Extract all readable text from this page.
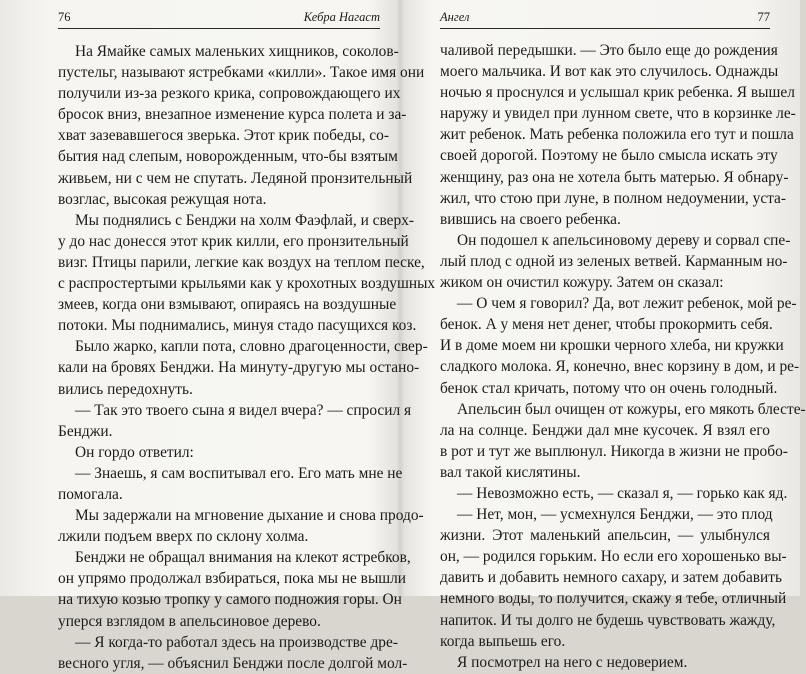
76	Кебра Нагаст
На Ямайке самых маленьких хищников, соколов-
пустельг, называют ястребками «килли». Такое имя они
получили из-за резкого крика, сопровождающего их
бросок вниз, внезапное изменение курса полета и за-
хват зазевавшегося зверька. Этот крик победы, со-
бытия над слепым, новорожденным, что-бы взятым
живьем, ни с чем не спутать. Ледяной пронзительный
возглас, высокая режущая нота.
Мы поднялись с Бенджи на холм Фаэфлай, и сверх-
у до нас донесся этот крик килли, его пронзительный
визг. Птицы парили, легкие как воздух на теплом песке,
с распростертыми крыльями как у крохотных воздушных
змеев, когда они взмывают, опираясь на воздушные
потоки. Мы поднимались, минуя стадо пасущихся коз.
Было жарко, капли пота, словно драгоценности, свер-
кали на бровях Бенджи. На минуту-другую мы остано-
вились передохнуть.
— Так это твоего сына я видел вчера? — спросил я
Бенджи.
Он гордо ответил:
— Знаешь, я сам воспитывал его. Его мать мне не
помогала.
Мы задержали на мгновение дыхание и снова продо-
лжили подъем вверх по склону холма.
Бенджи не обращал внимания на клекот ястребков,
он упрямо продолжал взбираться, пока мы не вышли
на тихую козью тропку у самого подножия горы. Он
уперся взглядом в апельсиновое дерево.
— Я когда-то работал здесь на производстве дре-
весного угля, — объяснил Бенджи после долгой мол-
Ангел	77
чаливой передышки. — Это было еще до рождения
моего мальчика. И вот как это случилось. Однажды
ночью я проснулся и услышал крик ребенка. Я вышел
наружу и увидел при лунном свете, что в корзинке ле-
жит ребенок. Мать ребенка положила его тут и пошла
своей дорогой. Поэтому не было смысла искать эту
женщину, раз она не хотела быть матерью. Я обнару-
жил, что стою при луне, в полном недоумении, уста-
вившись на своего ребенка.
Он подошел к апельсиновому дереву и сорвал спе-
лый плод с одной из зеленых ветвей. Карманным но-
жиком он очистил кожуру. Затем он сказал:
— О чем я говорил? Да, вот лежит ребенок, мой ре-
бенок. А у меня нет денег, чтобы прокормить себя.
И в доме моем ни крошки черного хлеба, ни кружки
сладкого молока. Я, конечно, внес корзину в дом, и ре-
бенок стал кричать, потому что он очень голодный.
Апельсин был очищен от кожуры, его мякоть блесте-
ла на солнце. Бенджи дал мне кусочек. Я взял его
в рот и тут же выплюнул. Никогда в жизни не пробо-
вал такой кислятины.
— Невозможно есть, — сказал я, — горько как яд.
— Нет, мон, — усмехнулся Бенджи, — это плод
жизни. Этот маленький апельсин, — улыбнулся
он, — родился горьким. Но если его хорошенько вы-
давить и добавить немного сахару, и затем добавить
немного воды, то получится, скажу я тебе, отличный
напиток. И ты долго не будешь чувствовать жажду,
когда выпьешь его.
Я посмотрел на него с недоверием.
